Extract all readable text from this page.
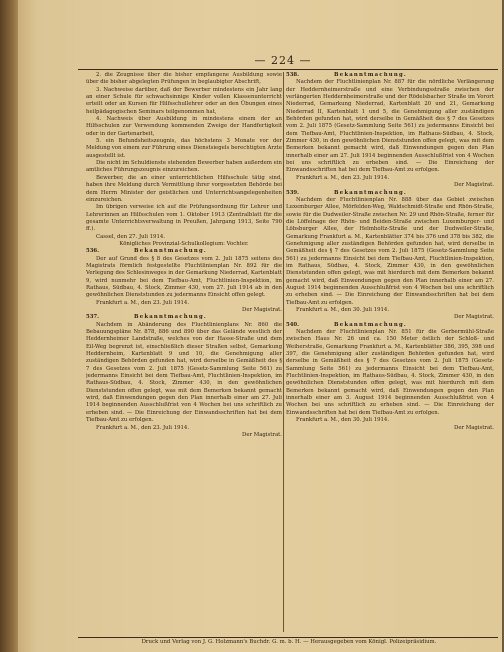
— 224 —

2. die Zeugnisse über die bisher empfangene Ausbildung sowie über die bisher abgelegten Prüfungen in beglaubigter Abschrift,

3. Nachweise darüber, daß der Bewerber mindestens ein Jahr lang an einer Schule für schwachsinnige Kinder vollen Klassenunterricht erteilt oder an Kursen für Hilfsschullehrer oder an den Übungen eines heilpädagogischen Seminars teilgenommen hat,

4. Nachweis über Ausbildung in mindestens einem der an Hilfsschulen zur Verwendung kommenden Zweige der Handfertigkeit oder in der Gartenarbeit,

5. ein Befundsheitszeugnis, das höchstens 3 Monate vor der Meldung von einem zur Führung eines Dienstsiegels berechtigten Arzte ausgestellt ist.

Die nicht im Schuldienste stehenden Bewerber haben außerdem ein amtliches Führungszeugnis einzureichen.

Bewerber, die an einer unterrichtlichen Hilfsschule tätig sind, haben ihre Meldung durch Vermittlung ihrer vorgesetzten Behörde bei dem Herrn Minister der geistlichen und Unterrichtsangelegenheiten einzureichen.

Im übrigen verweise ich auf die Prüfungsordnung für Lehrer und Lehrerinnen an Hilfsschulen vom 1. Oktober 1913 (Zentralblatt für die gesamte Unterrichtsverwaltung in Preußen, Jahrgang 1913, Seite 790 ff.).

Cassel, den 27. Juli 1914.

Königliches Provinzial-Schulkollegium: Vochter.

536.	Bekanntmachung.

Der auf Grund des § 8 des Gesetzes vom 2. Juli 1875 seitens des Magistrats förmlich festgestellte Fluchtlinienplan Nr. 892 für die Verlegung des Schlesinweges in der Gemarkung Niederrad, Kartenblatt 9, wird nunmehr bei dem Tiefbau-Amt, Fluchtlinien-Inspektion, im Rathaus, Südbau, 4. Stock, Zimmer 430, vom 27. Juli 1914 ab in den gewöhnlichen Dienststunden zu jedermanns Einsicht offen gelegt.

Frankfurt a. M., den 23. Juli 1914.

Der Magistrat.

537.	Bekanntmachung.

Nachdem in Abänderung des Fluchtlinienplans Nr. 860 die Bebauungspläne Nr. 878, 886 und 890 über das Gelände westlich der Heddernheimer Landstraße, welches von der Hasse-Straße und dem Eil-Weg begrenzt ist, einschließlich dieser Straßen selbst, Gemarkung Heddernheim, Kartenblatt 9 und 10, die Genehmigung aller zuständigen Behörden gefunden hat, wird derselbe in Gemäßheit des § 7 des Gesetzes vom 2. Juli 1875 (Gesetz-Sammlung Seite 561) zu jedermanns Einsicht bei dem Tiefbau-Amt, Fluchtlinien-Inspektion, im Rathaus-Südbau, 4. Stock, Zimmer 430, in den gewöhnlichen Dienststunden offen gelegt, was mit dem Bemerken bekannt gemacht wird, daß Einwendungen gegen den Plan innerhalb einer am 27. Juli 1914 beginnenden Ausschlußfrist von 4 Wochen bei uns schriftlich zu erheben sind. — Die Einreichung der Einwandsschriften hat bei dem Tiefbau-Amt zu erfolgen.

Frankfurt a. M., den 23. Juli 1914.

Der Magistrat.

538.	Bekanntmachung.

Nachdem der Fluchtlinienplan Nr. 887 für die nördliche Verlängerung der Heddernheimerstraße und eine Verbindungsstraße zwischen der verlängerten Heddernheimerstraße und der Rödelsbacher Straße im Vorort Niederrad, Gemarkung Niederrad, Kartenblatt 20 und 21, Gemarkung Niederrad II, Kartenblatt 1 und 5, die Genehmigung aller zuständigen Behörden gefunden hat, wird derselbe in Gemäßheit des § 7 des Gesetzes vom 2. Juli 1875 (Gesetz-Sammlung Seite 561) zu jedermanns Einsicht bei dem Tiefbau-Amt, Fluchtlinien-Inspektion, im Rathaus-Südbau, 4. Stock, Zimmer 430, in den gewöhnlichen Dienststunden offen gelegt, was mit dem Bemerken bekannt gemacht wird, daß Einwendungen gegen den Plan innerhalb einer am 27. Juli 1914 beginnenden Ausschlußfrist von 4 Wochen bei uns schriftlich zu erheben sind. — Die Einreichung der Einwandsschriften hat bei dem Tiefbau-Amt zu erfolgen.

Frankfurt a. M., den 23. Juli 1914.

Der Magistrat.

539.	Bekanntmachung.

Nachdem der Fluchtlinienplan Nr. 888 über das Gebiet zwischen Luxemburger Allee, Mörfelden-Weg, Waldschmidt-Straße und Rhön-Straße, sowie für die Dudweiler-Straße zwischen Nr. 29 und Rhön-Straße, ferner für die Löffelnage der Rhön- und Beiden-Straße zwischen Luxemburger- und Löbsburger Allee, der Helmholtz-Straße und der Dudweiler-Straße, Gemarkung Frankfurt a. M., Kartenblätter 374 bis 376 und 378 bis 382, die Genehmigung aller zuständigen Behörden gefunden hat, wird derselbe in Gemäßheit des § 7 des Gesetzes vom 2. Juli 1875 (Gesetz-Sammlung Seite 561) zu jedermanns Einsicht bei dem Tiefbau-Amt, Fluchtlinien-Inspektion, im Rathaus, Südbau, 4. Stock, Zimmer 430, in den gewöhnlichen Dienststunden offen gelegt, was mit hierdurch mit dem Bemerken bekannt gemacht wird, daß Einwendungen gegen den Plan innerhalb einer am 27. August 1914 beginnenden Ausschlußfrist von 4 Wochen bei uns schriftlich zu erheben sind. — Die Einreichung der Einwandsschriften hat bei dem Tiefbau-Amt zu erfolgen.

Frankfurt a. M., den 30. Juli 1914.

Der Magistrat.

540.	Bekanntmachung.

Nachdem der Fluchtlinienplan Nr. 851 für die Gerbermühl-Straße zwischen Haus Nr. 26 und ca. 150 Meter östlich der Schloß- und Weiherstraße, Gemarkung Frankfurt a. M., Kartenblätter 386, 395, 398 und 397, die Genehmigung aller zuständigen Behörden gefunden hat, wird derselbe in Gemäßheit des § 7 des Gesetzes vom 2. Juli 1875 (Gesetz-Sammlung Seite 561) zu jedermanns Einsicht bei dem Tiefbau-Amt, Fluchtlinien-Inspektion, im Rathaus-Südbau, 4. Stock, Zimmer 430, in den gewöhnlichen Dienststunden offen gelegt, was mit hierdurch mit dem Bemerken bekannt gemacht wird, daß Einwendungen gegen den Plan innerhalb einer am 3. August 1914 beginnenden Ausschlußfrist von 4 Wochen bei uns schriftlich zu erheben sind. — Die Einreichung der Einwandsschriften hat bei dem Tiefbau-Amt zu erfolgen.

Frankfurt a. M., den 30. Juli 1914.

Der Magistrat.

Druck und Verlag von J. G. Holzmann's Buchdr. G. m. b. H. — Herausgegeben vom Königl. Polizeipräsidium.
